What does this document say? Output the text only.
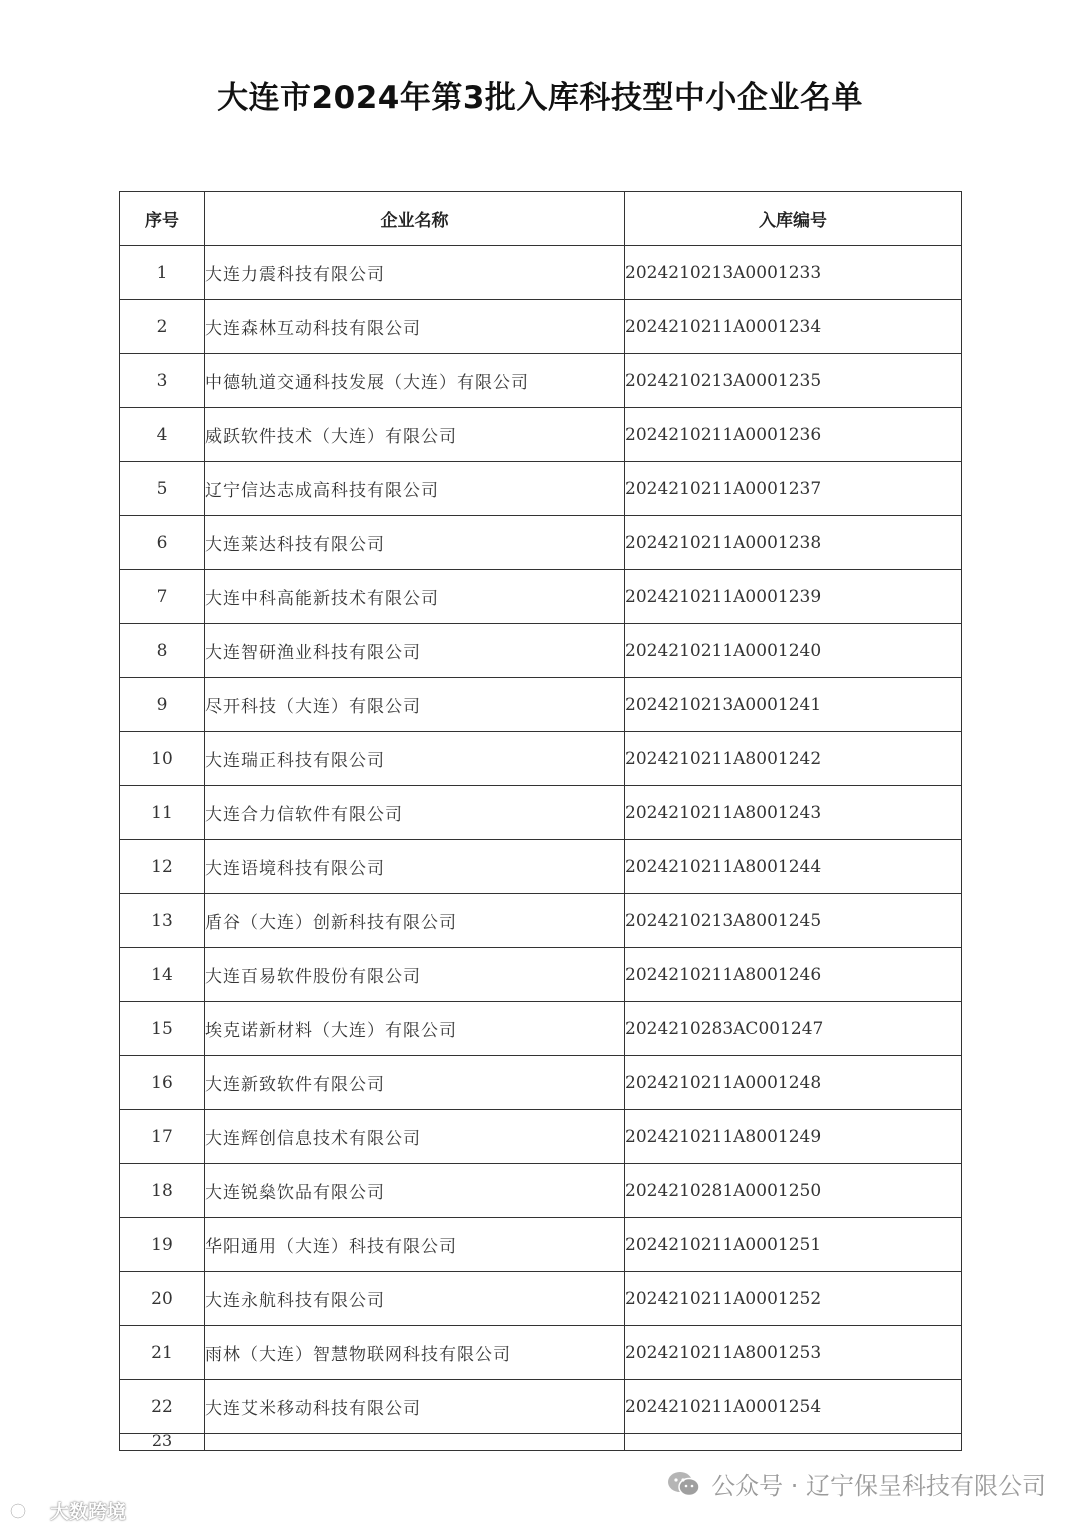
大连市2024年第3批入库科技型中小企业名单
序号	企业名称	入库编号
1	大连力震科技有限公司	2024210213A0001233
2	大连森林互动科技有限公司	2024210211A0001234
3	中德轨道交通科技发展（大连）有限公司	2024210213A0001235
4	威跃软件技术（大连）有限公司	2024210211A0001236
5	辽宁信达志成高科技有限公司	2024210211A0001237
6	大连莱达科技有限公司	2024210211A0001238
7	大连中科高能新技术有限公司	2024210211A0001239
8	大连智研渔业科技有限公司	2024210211A0001240
9	尽开科技（大连）有限公司	2024210213A0001241
10	大连瑞正科技有限公司	2024210211A8001242
11	大连合力信软件有限公司	2024210211A8001243
12	大连语境科技有限公司	2024210211A8001244
13	盾谷（大连）创新科技有限公司	2024210213A8001245
14	大连百易软件股份有限公司	2024210211A8001246
15	埃克诺新材料（大连）有限公司	2024210283AC001247
16	大连新致软件有限公司	2024210211A0001248
17	大连辉创信息技术有限公司	2024210211A8001249
18	大连锐燊饮品有限公司	2024210281A0001250
19	华阳通用（大连）科技有限公司	2024210211A0001251
20	大连永航科技有限公司	2024210211A0001252
21	雨林（大连）智慧物联网科技有限公司	2024210211A8001253
22	大连艾米移动科技有限公司	2024210211A0001254
23		
公众号 · 辽宁保呈科技有限公司
大数跨境
